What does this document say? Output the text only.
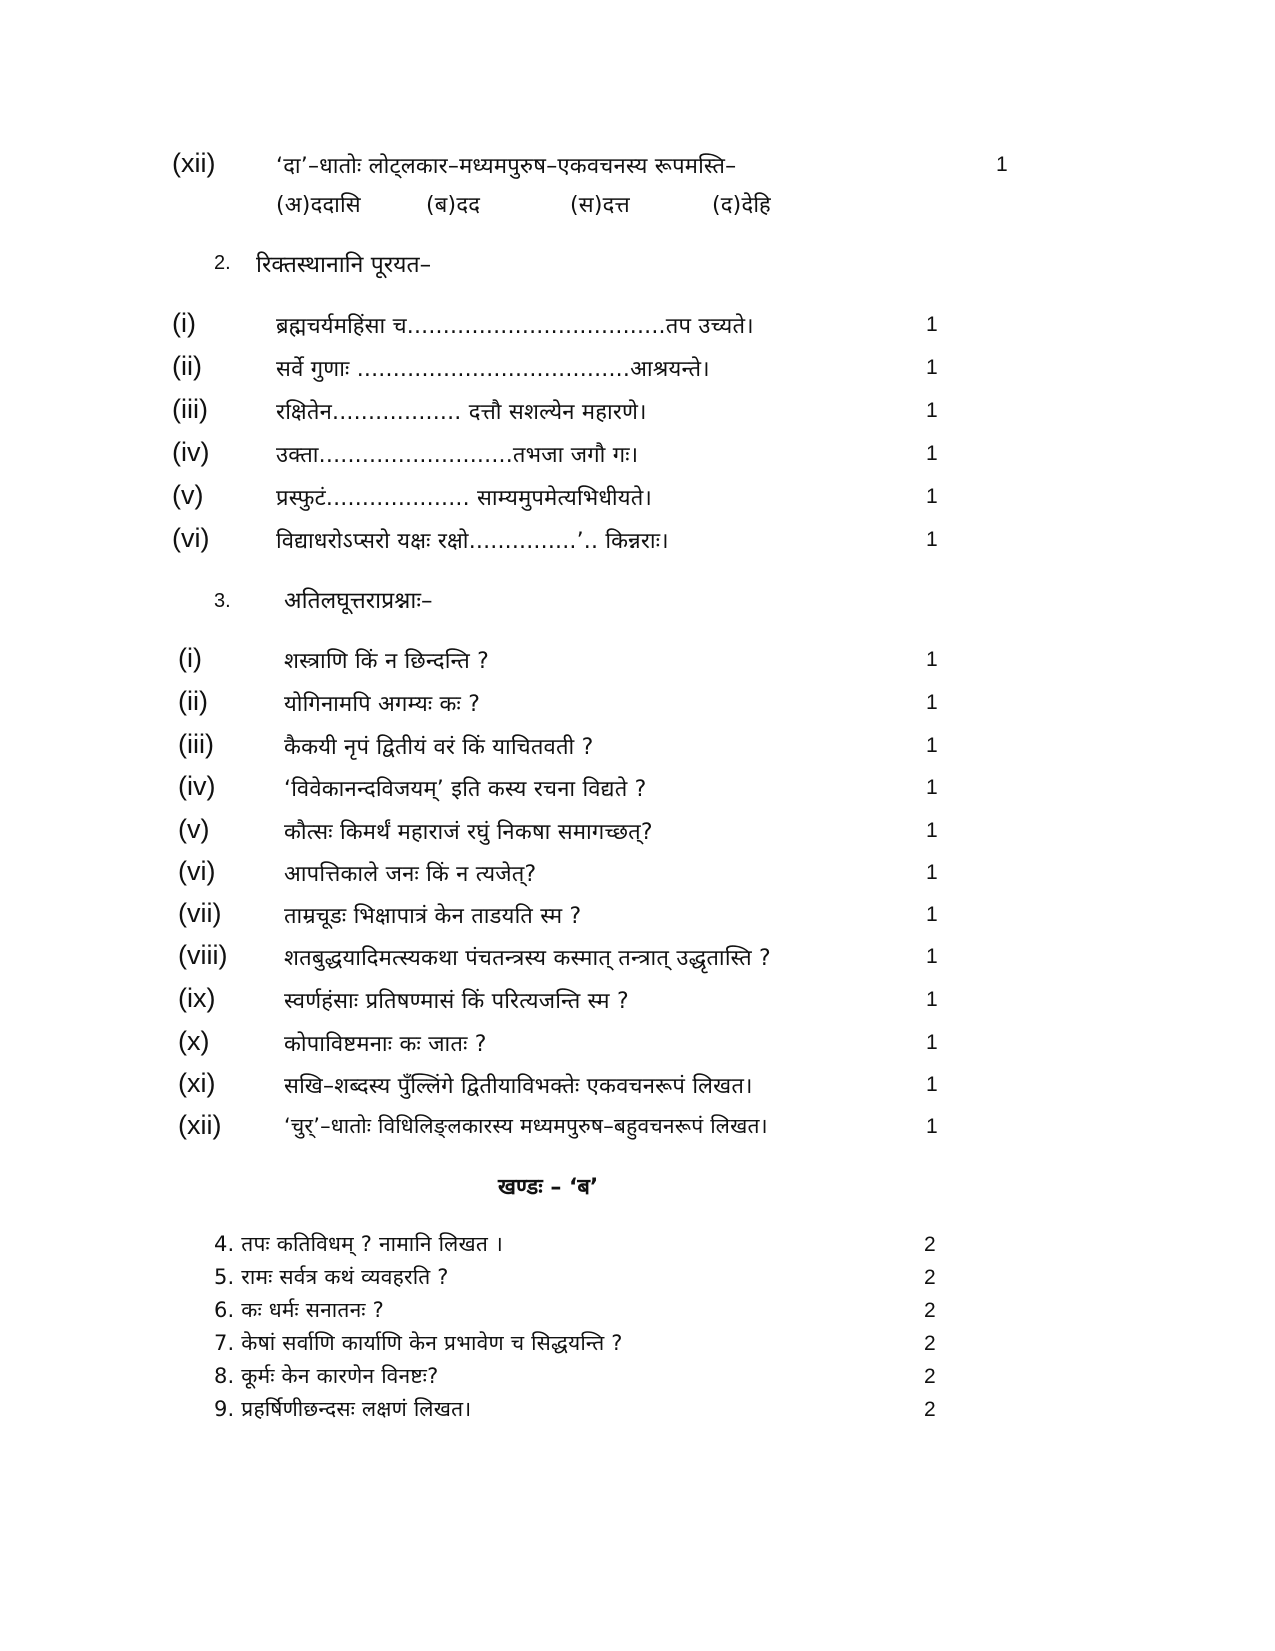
(xii)	‘दा’–धातोः लोट्लकार–मध्यमपुरुष–एकवचनस्य रूपमस्ति–	1
(अ)ददासि	(ब)दद	(स)दत्त	(द)देहि
2. रिक्तस्थानानि पूरयत–
(i)	ब्रह्मचर्यमहिंसा च....................................तप उच्यते।	1
(ii)	सर्वे गुणाः ......................................आश्रयन्ते।	1
(iii)	रक्षितेन.................. दत्तौ सशल्येन महारणे।	1
(iv)	उक्ता...........................तभजा जगौ गः।	1
(v)	प्रस्फुटं.................... साम्यमुपमेत्यभिधीयते।	1
(vi)	विद्याधरोऽप्सरो यक्षः रक्षो...............’.. किन्नराः।	1
3. अतिलघूत्तराप्रश्नाः–
(i)	शस्त्राणि किं न छिन्दन्ति ?	1
(ii)	योगिनामपि अगम्यः कः ?	1
(iii)	कैकयी नृपं द्वितीयं वरं किं याचितवती ?	1
(iv)	‘विवेकानन्दविजयम्’ इति कस्य रचना विद्यते ?	1
(v)	कौत्सः किमर्थं महाराजं रघुं निकषा समागच्छत्?	1
(vi)	आपत्तिकाले जनः किं न त्यजेत्?	1
(vii)	ताम्रचूडः भिक्षापात्रं केन ताडयति स्म ?	1
(viii)	शतबुद्धयादिमत्स्यकथा पंचतन्त्रस्य कस्मात् तन्त्रात् उद्धृतास्ति ?	1
(ix)	स्वर्णहंसाः प्रतिषण्मासं किं परित्यजन्ति स्म ?	1
(x)	कोपाविष्टमनाः कः जातः ?	1
(xi)	सखि–शब्दस्य पुँल्लिंगे द्वितीयाविभक्तेः एकवचनरूपं लिखत।	1
(xii)	‘चुर्’–धातोः विधिलिङ्लकारस्य मध्यमपुरुष–बहुवचनरूपं लिखत।	1
खण्डः – ‘ब’
4. तपः कतिविधम् ? नामानि लिखत ।	2
5. रामः सर्वत्र कथं व्यवहरति ?	2
6. कः धर्मः सनातनः ?	2
7. केषां सर्वाणि कार्याणि केन प्रभावेण च सिद्धयन्ति ?	2
8. कूर्मः केन कारणेन विनष्टः?	2
9. प्रहर्षिणीछन्दसः लक्षणं लिखत।	2
